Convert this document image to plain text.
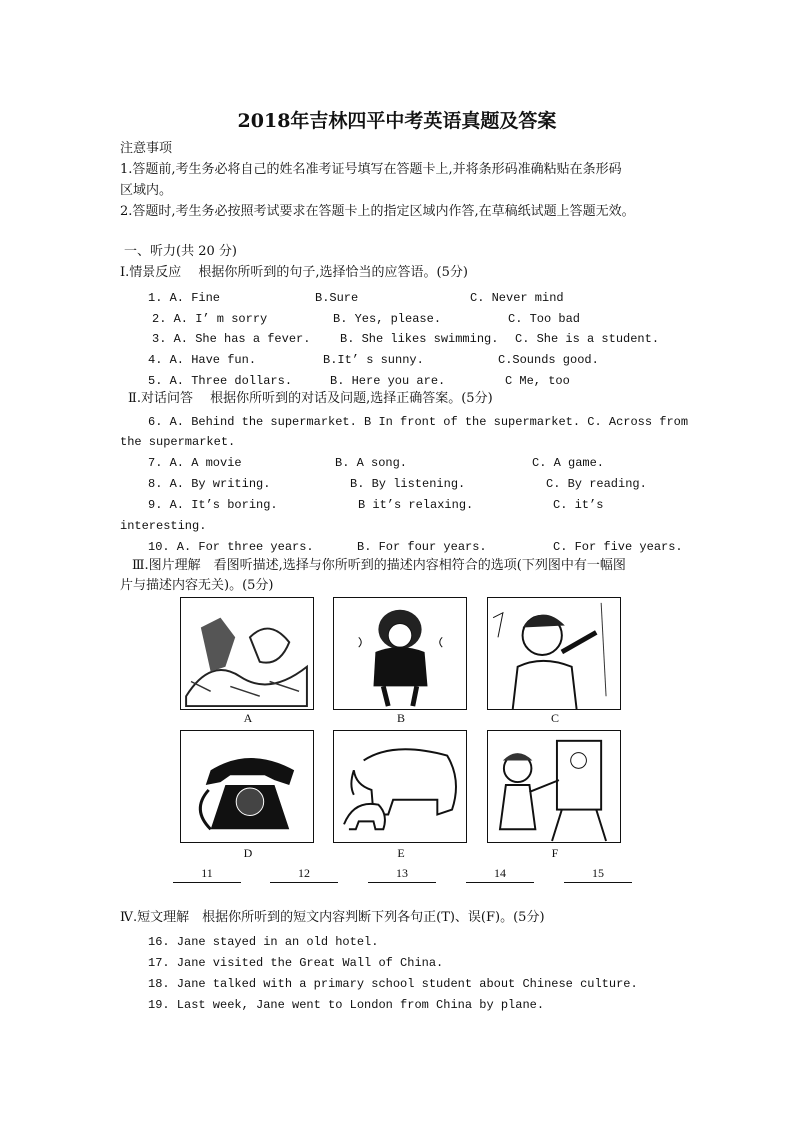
2018年吉林四平中考英语真题及答案
注意事项
1.答题前,考生务必将自己的姓名准考证号填写在答题卡上,并将条形码准确粘贴在条形码
区域内。
2.答题时,考生务必按照考试要求在答题卡上的指定区域内作答,在草稿纸试题上答题无效。
一、听力(共 20 分)
Ⅰ.情景反应　 根据你所听到的句子,选择恰当的应答语。(5分)
1. A. Fine	B.Sure	C. Never mind
2. A. I’ m sorry	B. Yes, please.	C. Too bad
3. A. She has a fever. B. She likes swimming. C. She is a student.
4. A. Have fun.	B.It’ s sunny.	C.Sounds good.
5. A. Three dollars.	B. Here you are.	C Me, too
Ⅱ.对话问答　 根据你所听到的对话及问题,选择正确答案。(5分)
6. A. Behind the supermarket. B In front of the supermarket. C. Across from
the supermarket.
7. A. A movie	B. A song.	C. A game.
8. A. By writing.	B. By listening.	C. By reading.
9. A. It’s boring.	B it’s relaxing.	C. it’s
interesting.
10. A. For three years.	B. For four years.	C. For five years.
Ⅲ.图片理解　看图听描述,选择与你所听到的描述内容相符合的选项(下列图中有一幅图
片与描述内容无关)。(5分)
A	B	C
D	E	F
11	12	13	14	15
Ⅳ.短文理解　根据你所听到的短文内容判断下列各句正(T)、误(F)。(5分)
16. Jane stayed in an old hotel.
17. Jane visited the Great Wall of China.
18. Jane talked with a primary school student about Chinese culture.
19. Last week, Jane went to London from China by plane.
